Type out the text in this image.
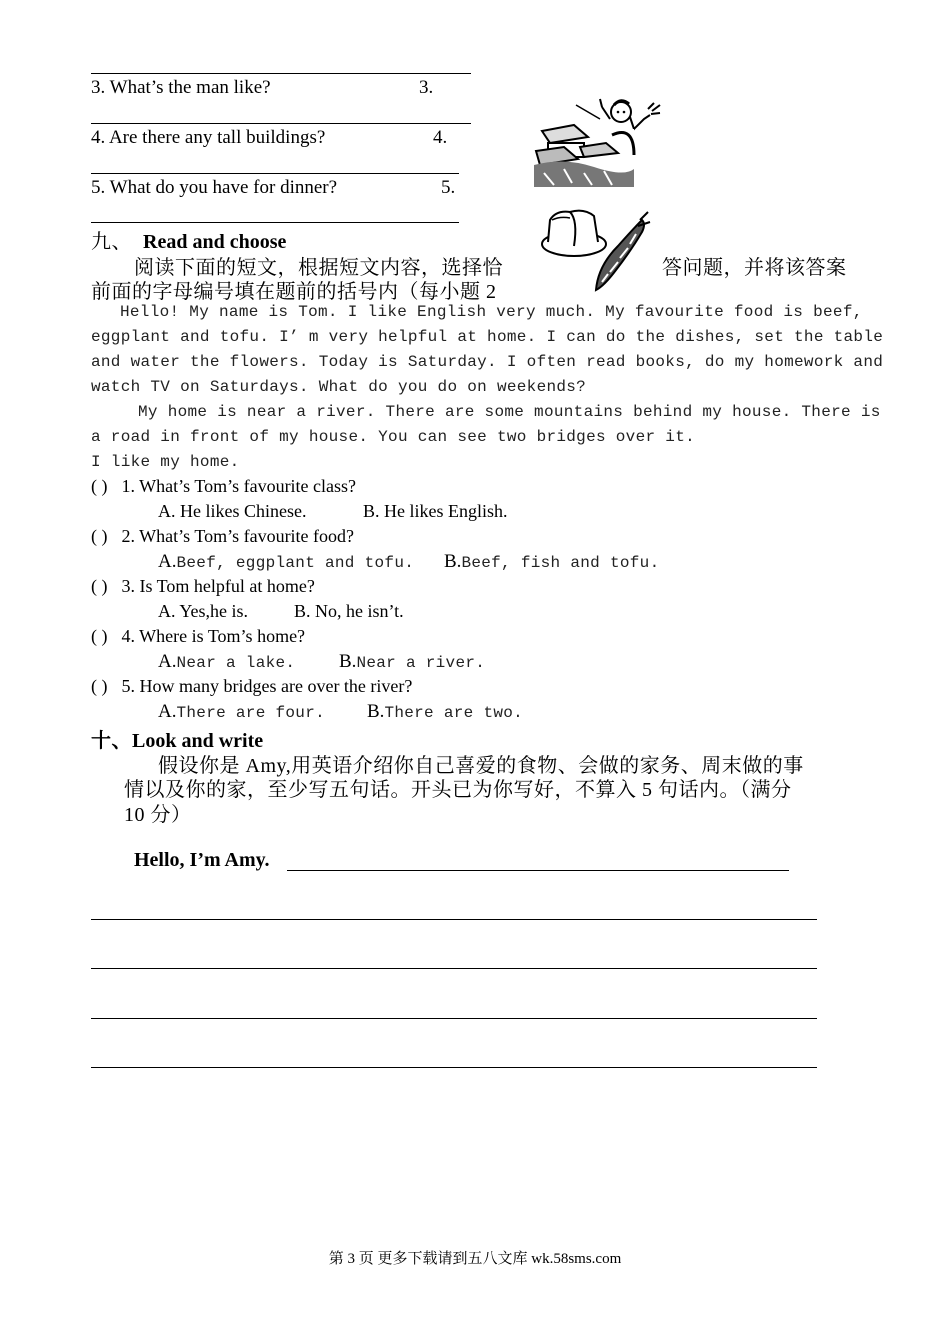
3. What’s the man like?	3.
4. Are there any tall buildings?	4.
5. What do you have for dinner?	5.
九、 Read and choose
阅读下面的短文，根据短文内容，选择恰	答问题，并将该答案
前面的字母编号填在题前的括号内（每小题 2
Hello! My name is Tom. I like English very much. My favourite food is beef,
eggplant and tofu. I’ m very helpful at home. I can do the dishes, set the table
and water the flowers. Today is Saturday. I often read books, do my homework and
watch TV on Saturdays. What do you do on weekends?
My home is near a river. There are some mountains behind my house. There is
a road in front of my house. You can see two bridges over it.
I like my home.
( ) 1. What’s Tom’s favourite class?
A. He likes Chinese.	B. He likes English.
( ) 2. What’s Tom’s favourite food?
A.Beef, eggplant and tofu. B.Beef, fish and tofu.
( ) 3. Is Tom helpful at home?
A. Yes,he is.	B. No, he isn’t.
( ) 4. Where is Tom’s home?
A.Near a lake. B.Near a river.
( ) 5. How many bridges are over the river?
A.There are four. B.There are two.
十、Look and write
假设你是 Amy,用英语介绍你自己喜爱的食物、会做的家务、周末做的事
情以及你的家，至少写五句话。开头已为你写好，不算入 5 句话内。（满分
10 分）
Hello, I’m Amy.
第 3 页 更多下载请到五八文库 wk.58sms.com
